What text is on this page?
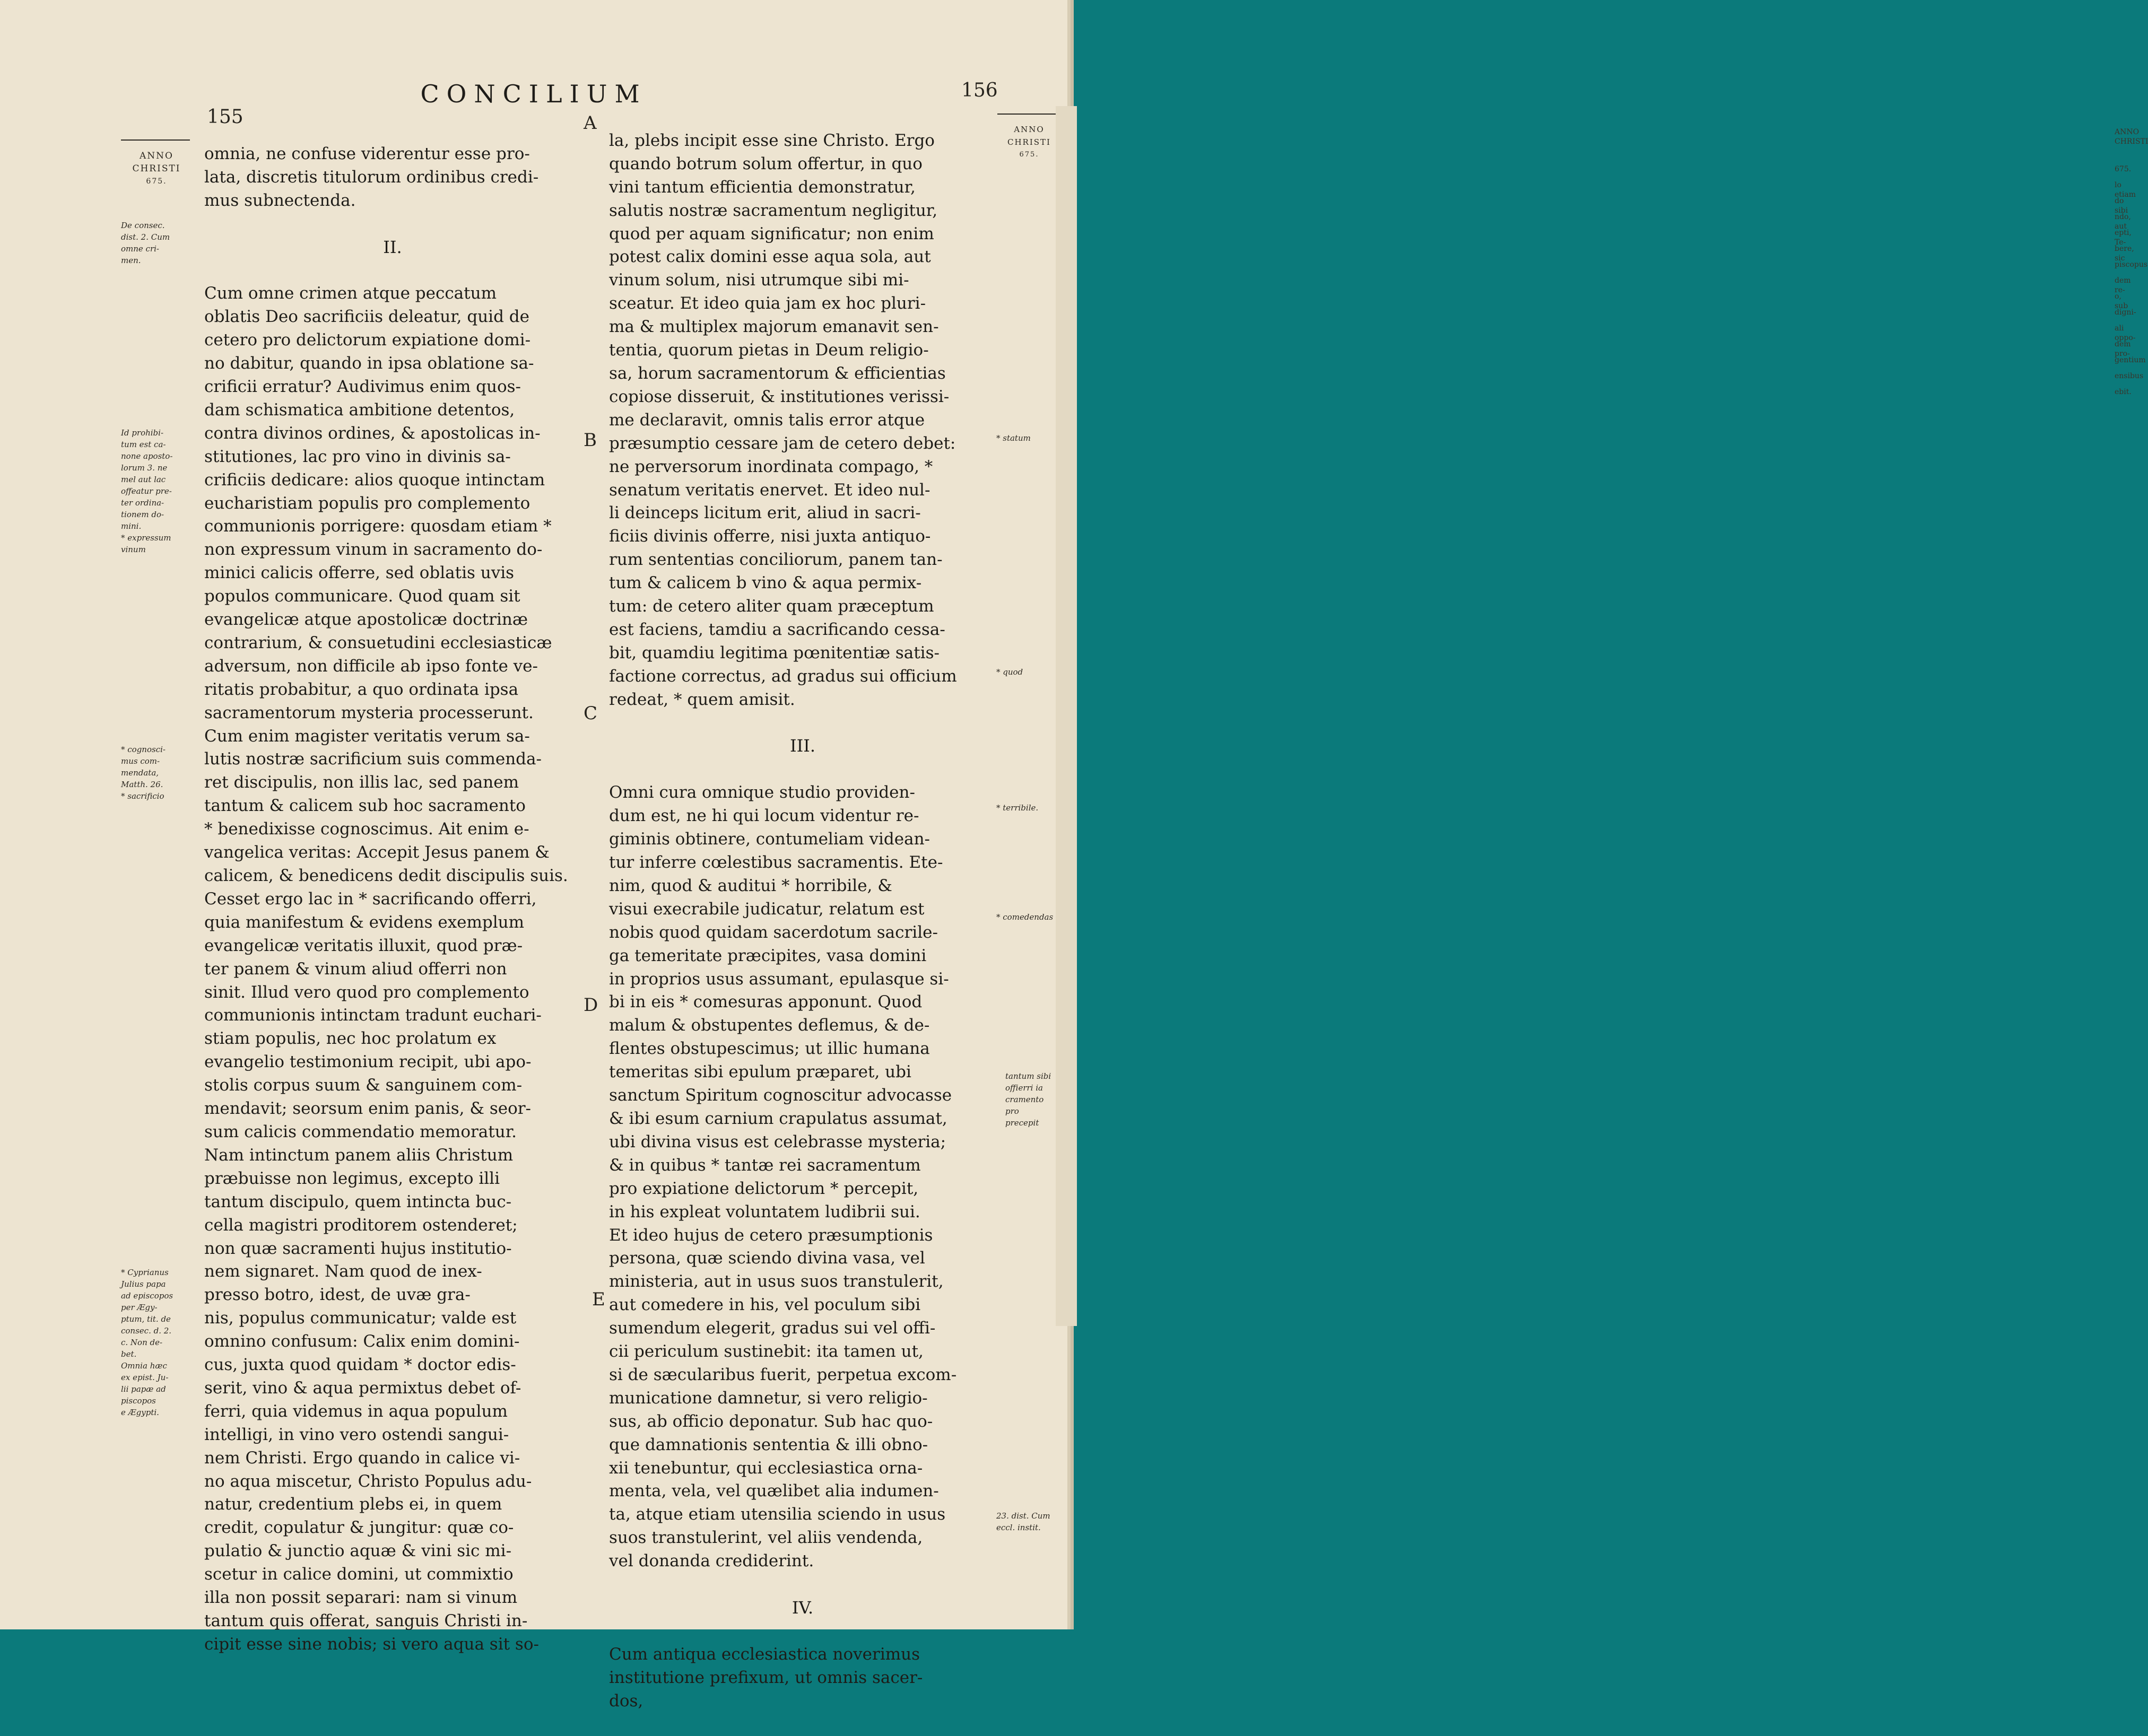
CONCILIUM
155
156
ANNO
CHRISTI
675.
ANNO
CHRISTI
675.
De consec.
dist. 2. Cum
omne cri-
men.
Id prohibi-
tum est ca-
none aposto-
lorum 3. ne
mel aut lac
offeatur pre-
ter ordina-
tionem do-
mini.
* expressum
vinum
* cognosci-
mus com-
mendata,
Matth. 26.
* sacrificio
* Cyprianus
Julius papa
ad episcopos
per Ægy-
ptum, tit. de
consec. d. 2.
c. Non de-
bet.
Omnia hæc
ex epist. Ju-
lii papæ ad
piscopos
e Ægypti.
* statum
* quod
* terribile.
* comedendas
tantum sibi
offierri ia
cramento pro
precepit
23. dist. Cum
eccl. instit.
A
B
C
D
E

omnia, ne confuse viderentur esse pro-
lata, discretis titulorum ordinibus credi-
mus subnectenda.

II.

Cum omne crimen atque peccatum
oblatis Deo sacrificiis deleatur, quid de
cetero pro delictorum expiatione domi-
no dabitur, quando in ipsa oblatione sa-
crificii erratur? Audivimus enim quos-
dam schismatica ambitione detentos,
contra divinos ordines, & apostolicas in-
stitutiones, lac pro vino in divinis sa-
crificiis dedicare: alios quoque intinctam
eucharistiam populis pro complemento
communionis porrigere: quosdam etiam *
non expressum vinum in sacramento do-
minici calicis offerre, sed oblatis uvis
populos communicare. Quod quam sit
evangelicæ atque apostolicæ doctrinæ
contrarium, & consuetudini ecclesiasticæ
adversum, non difficile ab ipso fonte ve-
ritatis probabitur, a quo ordinata ipsa
sacramentorum mysteria processerunt.
Cum enim magister veritatis verum sa-
lutis nostræ sacrificium suis commenda-
ret discipulis, non illis lac, sed panem
tantum & calicem sub hoc sacramento
* benedixisse cognoscimus. Ait enim e-
vangelica veritas: Accepit Jesus panem &
calicem, & benedicens dedit discipulis suis.
Cesset ergo lac in * sacrificando offerri,
quia manifestum & evidens exemplum
evangelicæ veritatis illuxit, quod præ-
ter panem & vinum aliud offerri non
sinit. Illud vero quod pro complemento
communionis intinctam tradunt euchari-
stiam populis, nec hoc prolatum ex
evangelio testimonium recipit, ubi apo-
stolis corpus suum & sanguinem com-
mendavit; seorsum enim panis, & seor-
sum calicis commendatio memoratur.
Nam intinctum panem aliis Christum
præbuisse non legimus, excepto illi
tantum discipulo, quem intincta buc-
cella magistri proditorem ostenderet;
non quæ sacramenti hujus institutio-
nem signaret. Nam quod de inex-
presso botro, idest, de uvæ gra-
nis, populus communicatur; valde est
omnino confusum: Calix enim domini-
cus, juxta quod quidam * doctor edis-
serit, vino & aqua permixtus debet of-
ferri, quia videmus in aqua populum
intelligi, in vino vero ostendi sangui-
nem Christi. Ergo quando in calice vi-
no aqua miscetur, Christo Populus adu-
natur, credentium plebs ei, in quem
credit, copulatur & jungitur: quæ co-
pulatio & junctio aquæ & vini sic mi-
scetur in calice domini, ut commixtio
illa non possit separari: nam si vinum
tantum quis offerat, sanguis Christi in-
cipit esse sine nobis; si vero aqua sit so-

la, plebs incipit esse sine Christo. Ergo
quando botrum solum offertur, in quo
vini tantum efficientia demonstratur,
salutis nostræ sacramentum negligitur,
quod per aquam significatur; non enim
potest calix domini esse aqua sola, aut
vinum solum, nisi utrumque sibi mi-
sceatur. Et ideo quia jam ex hoc pluri-
ma & multiplex majorum emanavit sen-
tentia, quorum pietas in Deum religio-
sa, horum sacramentorum & efficientias
copiose disseruit, & institutiones verissi-
me declaravit, omnis talis error atque
præsumptio cessare jam de cetero debet:
ne perversorum inordinata compago, *
senatum veritatis enervet. Et ideo nul-
li deinceps licitum erit, aliud in sacri-
ficiis divinis offerre, nisi juxta antiquo-
rum sententias conciliorum, panem tan-
tum & calicem b vino & aqua permix-
tum: de cetero aliter quam præceptum
est faciens, tamdiu a sacrificando cessa-
bit, quamdiu legitima pœnitentiæ satis-
factione correctus, ad gradus sui officium
redeat, * quem amisit.

III.

Omni cura omnique studio providen-
dum est, ne hi qui locum videntur re-
giminis obtinere, contumeliam videan-
tur inferre cœlestibus sacramentis. Ete-
nim, quod & auditui * horribile, &
visui execrabile judicatur, relatum est
nobis quod quidam sacerdotum sacrile-
ga temeritate præcipites, vasa domini
in proprios usus assumant, epulasque si-
bi in eis * comesuras apponunt. Quod
malum & obstupentes deflemus, & de-
flentes obstupescimus; ut illic humana
temeritas sibi epulum præparet, ubi
sanctum Spiritum cognoscitur advocasse
& ibi esum carnium crapulatus assumat,
ubi divina visus est celebrasse mysteria;
& in quibus * tantæ rei sacramentum
pro expiatione delictorum * percepit,
in his expleat voluntatem ludibrii sui.
Et ideo hujus de cetero præsumptionis
persona, quæ sciendo divina vasa, vel
ministeria, aut in usus suos transtulerit,
aut comedere in his, vel poculum sibi
sumendum elegerit, gradus sui vel offi-
cii periculum sustinebit: ita tamen ut,
si de sæcularibus fuerit, perpetua excom-
municatione damnetur, si vero religio-
sus, ab officio deponatur. Sub hac quo-
que damnationis sententia & illi obno-
xii tenebuntur, qui ecclesiastica orna-
menta, vela, vel quælibet alia indumen-
ta, atque etiam utensilia sciendo in usus
suos transtulerint, vel aliis vendenda,
vel donanda crediderint.

IV.

Cum antiqua ecclesiastica noverimus
institutione prefixum, ut omnis sacer-
dos,

ANNO CHRISTI
675.
lo etiam
do sibi
ndo, aut
epti, Te-
bere, sic
piscopus
dem re-
o, sub
digni-
ali oppo-
dem pro-
gentium
ensibus
ebit.
